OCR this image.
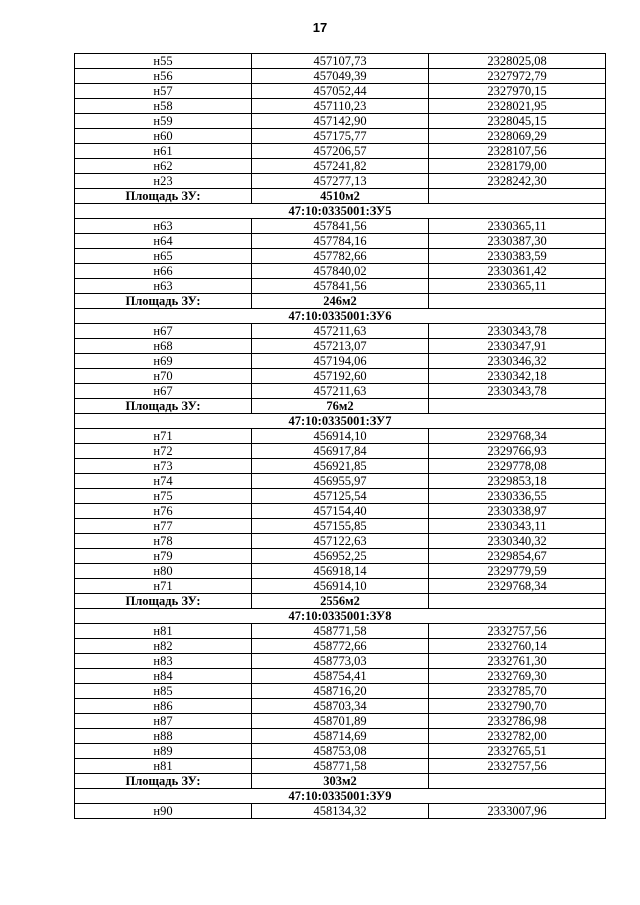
17
н55	457107,73	2328025,08
н56	457049,39	2327972,79
н57	457052,44	2327970,15
н58	457110,23	2328021,95
н59	457142,90	2328045,15
н60	457175,77	2328069,29
н61	457206,57	2328107,56
н62	457241,82	2328179,00
н23	457277,13	2328242,30
Площадь ЗУ:	4510м2	
47:10:0335001:ЗУ5		
н63	457841,56	2330365,11
н64	457784,16	2330387,30
н65	457782,66	2330383,59
н66	457840,02	2330361,42
н63	457841,56	2330365,11
Площадь ЗУ:	246м2	
47:10:0335001:ЗУ6		
н67	457211,63	2330343,78
н68	457213,07	2330347,91
н69	457194,06	2330346,32
н70	457192,60	2330342,18
н67	457211,63	2330343,78
Площадь ЗУ:	76м2	
47:10:0335001:ЗУ7		
н71	456914,10	2329768,34
н72	456917,84	2329766,93
н73	456921,85	2329778,08
н74	456955,97	2329853,18
н75	457125,54	2330336,55
н76	457154,40	2330338,97
н77	457155,85	2330343,11
н78	457122,63	2330340,32
н79	456952,25	2329854,67
н80	456918,14	2329779,59
н71	456914,10	2329768,34
Площадь ЗУ:	2556м2	
47:10:0335001:ЗУ8		
н81	458771,58	2332757,56
н82	458772,66	2332760,14
н83	458773,03	2332761,30
н84	458754,41	2332769,30
н85	458716,20	2332785,70
н86	458703,34	2332790,70
н87	458701,89	2332786,98
н88	458714,69	2332782,00
н89	458753,08	2332765,51
н81	458771,58	2332757,56
Площадь ЗУ:	303м2	
47:10:0335001:ЗУ9		
н90	458134,32	2333007,96
